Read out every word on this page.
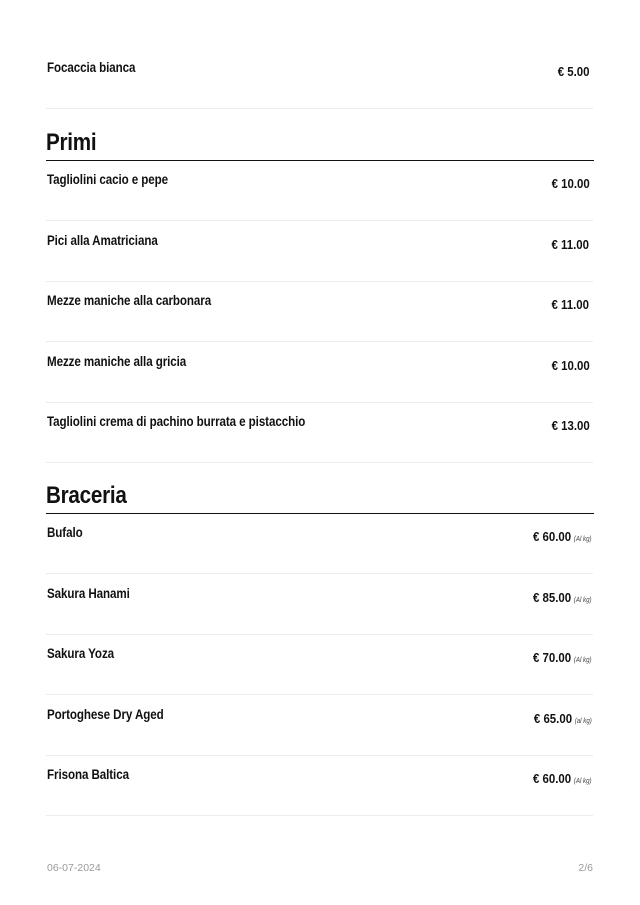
Focaccia bianca	€ 5.00
Primi
Tagliolini cacio e pepe	€ 10.00
Pici alla Amatriciana	€ 11.00
Mezze maniche alla carbonara	€ 11.00
Mezze maniche alla gricia	€ 10.00
Tagliolini crema di pachino burrata e pistacchio	€ 13.00
Braceria
Bufalo	€ 60.00 (Al kg)
Sakura Hanami	€ 85.00 (Al kg)
Sakura Yoza	€ 70.00 (Al kg)
Portoghese Dry Aged	€ 65.00 (al kg)
Frisona Baltica	€ 60.00 (Al kg)
06-07-2024	2/6
